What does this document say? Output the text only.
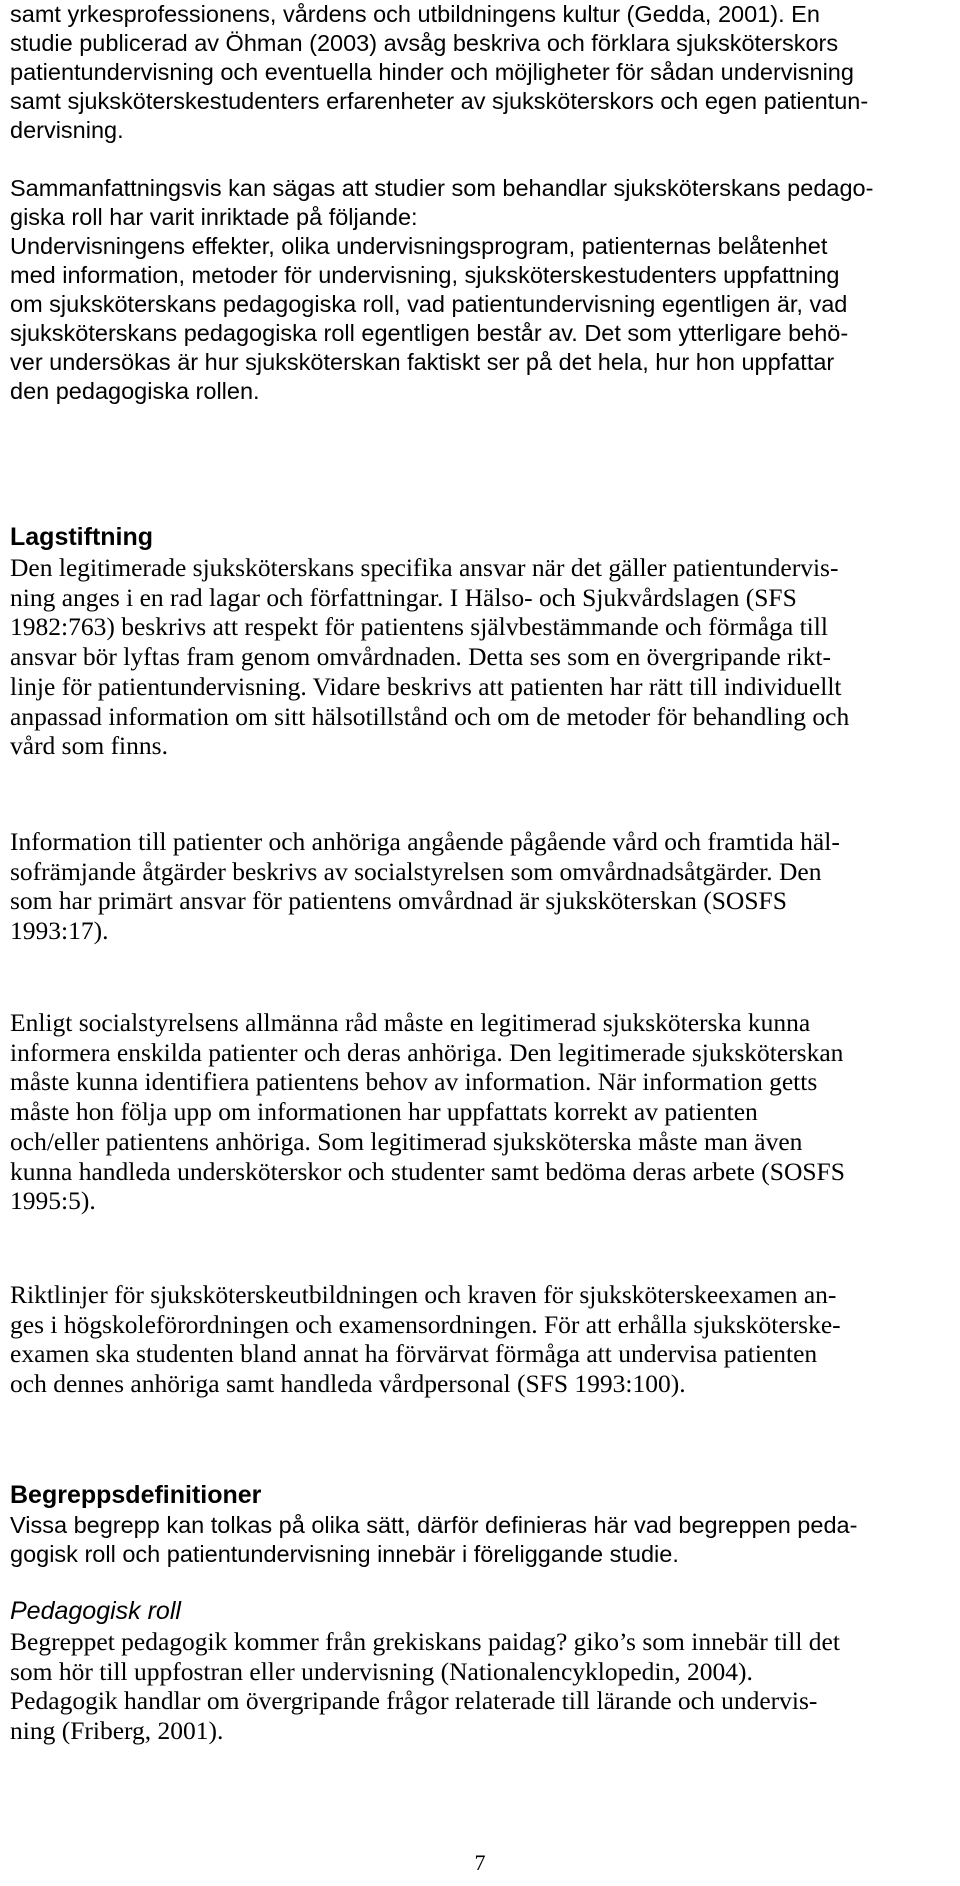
samt yrkesprofessionens, vårdens och utbildningens kultur (Gedda, 2001). En
studie publicerad av Öhman (2003) avsåg beskriva och förklara sjuksköterskors
patientundervisning och eventuella hinder och möjligheter för sådan undervisning
samt sjuksköterskestudenters erfarenheter av sjuksköterskors och egen patientun-
dervisning.
Sammanfattningsvis kan sägas att studier som behandlar sjuksköterskans pedago-
giska roll har varit inriktade på följande:
Undervisningens effekter, olika undervisningsprogram, patienternas belåtenhet
med information, metoder för undervisning, sjuksköterskestudenters uppfattning
om sjuksköterskans pedagogiska roll, vad patientundervisning egentligen är, vad
sjuksköterskans pedagogiska roll egentligen består av. Det som ytterligare behö-
ver undersökas är hur sjuksköterskan faktiskt ser på det hela, hur hon uppfattar
den pedagogiska rollen.
Lagstiftning
Den legitimerade sjuksköterskans specifika ansvar när det gäller patientundervis-
ning anges i en rad lagar och författningar. I Hälso- och Sjukvårdslagen (SFS
1982:763) beskrivs att respekt för patientens självbestämmande och förmåga till
ansvar bör lyftas fram genom omvårdnaden. Detta ses som en övergripande rikt-
linje för patientundervisning. Vidare beskrivs att patienten har rätt till individuellt
anpassad information om sitt hälsotillstånd och om de metoder för behandling och
vård som finns.
Information till patienter och anhöriga angående pågående vård och framtida häl-
sofrämjande åtgärder beskrivs av socialstyrelsen som omvårdnadsåtgärder. Den
som har primärt ansvar för patientens omvårdnad är sjuksköterskan (SOSFS
1993:17).
Enligt socialstyrelsens allmänna råd måste en legitimerad sjuksköterska kunna
informera enskilda patienter och deras anhöriga. Den legitimerade sjuksköterskan
måste kunna identifiera patientens behov av information. När information getts
måste hon följa upp om informationen har uppfattats korrekt av patienten
och/eller patientens anhöriga. Som legitimerad sjuksköterska måste man även
kunna handleda undersköterskor och studenter samt bedöma deras arbete (SOSFS
1995:5).
Riktlinjer för sjuksköterskeutbildningen och kraven för sjuksköterskeexamen an-
ges i högskoleförordningen och examensordningen. För att erhålla sjuksköterske-
examen ska studenten bland annat ha förvärvat förmåga att undervisa patienten
och dennes anhöriga samt handleda vårdpersonal (SFS 1993:100).
Begreppsdefinitioner
Vissa begrepp kan tolkas på olika sätt, därför definieras här vad begreppen peda-
gogisk roll och patientundervisning innebär i föreliggande studie.
Pedagogisk roll
Begreppet pedagogik kommer från grekiskans paidag? giko’s som innebär till det
som hör till uppfostran eller undervisning (Nationalencyklopedin, 2004).
Pedagogik handlar om övergripande frågor relaterade till lärande och undervis-
ning (Friberg, 2001).
7
